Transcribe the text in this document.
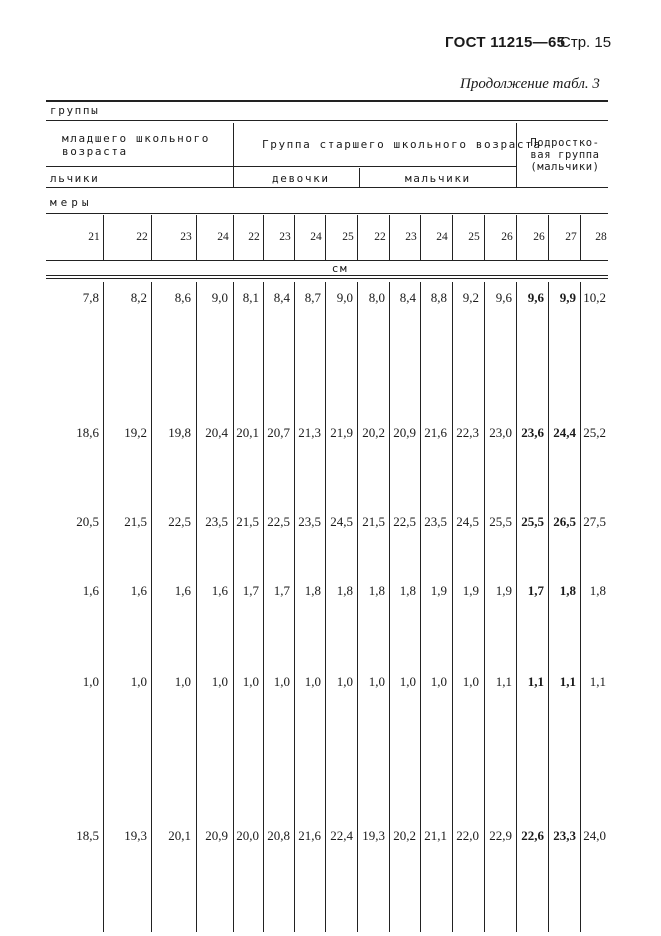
ГОСТ 11215—65
Стр. 15
Продолжение табл. 3
группы
младшего школьного
возраста
Группа старшего школьного возраста
Подростко-
вая группа
(мальчики)
льчики	девочки	мальчики
меры
см
21	22	23	24	22	23	24	25	22	23	24	25	26	26	27	28
7,8	8,2	8,6	9,0	8,1	8,4	8,7	9,0	8,0	8,4	8,8	9,2	9,6	9,6	9,9 10,2
18,6	19,2	19,8	20,4 20,1 20,7 21,3 21,9 20,2 20,9 21,6 22,3 23,0 23,6 24,4 25,2
20,5	21,5	22,5	23,5 21,5 22,5 23,5 24,5 21,5 22,5 23,5 24,5 25,5 25,5 26,5 27,5
1,6	1,6	1,6	1,6	1,7	1,7	1,8	1,8	1,8	1,8	1,9	1,9	1,9	1,7	1,8	1,8
1,0	1,0	1,0	1,0	1,0	1,0	1,0	1,0	1,0	1,0	1,0	1,0	1,1	1,1	1,1	1,1
18,5	19,3	20,1	20,9 20,0 20,8 21,6 22,4 19,3 20,2 21,1 22,0 22,9 22,6 23,3 24,0
